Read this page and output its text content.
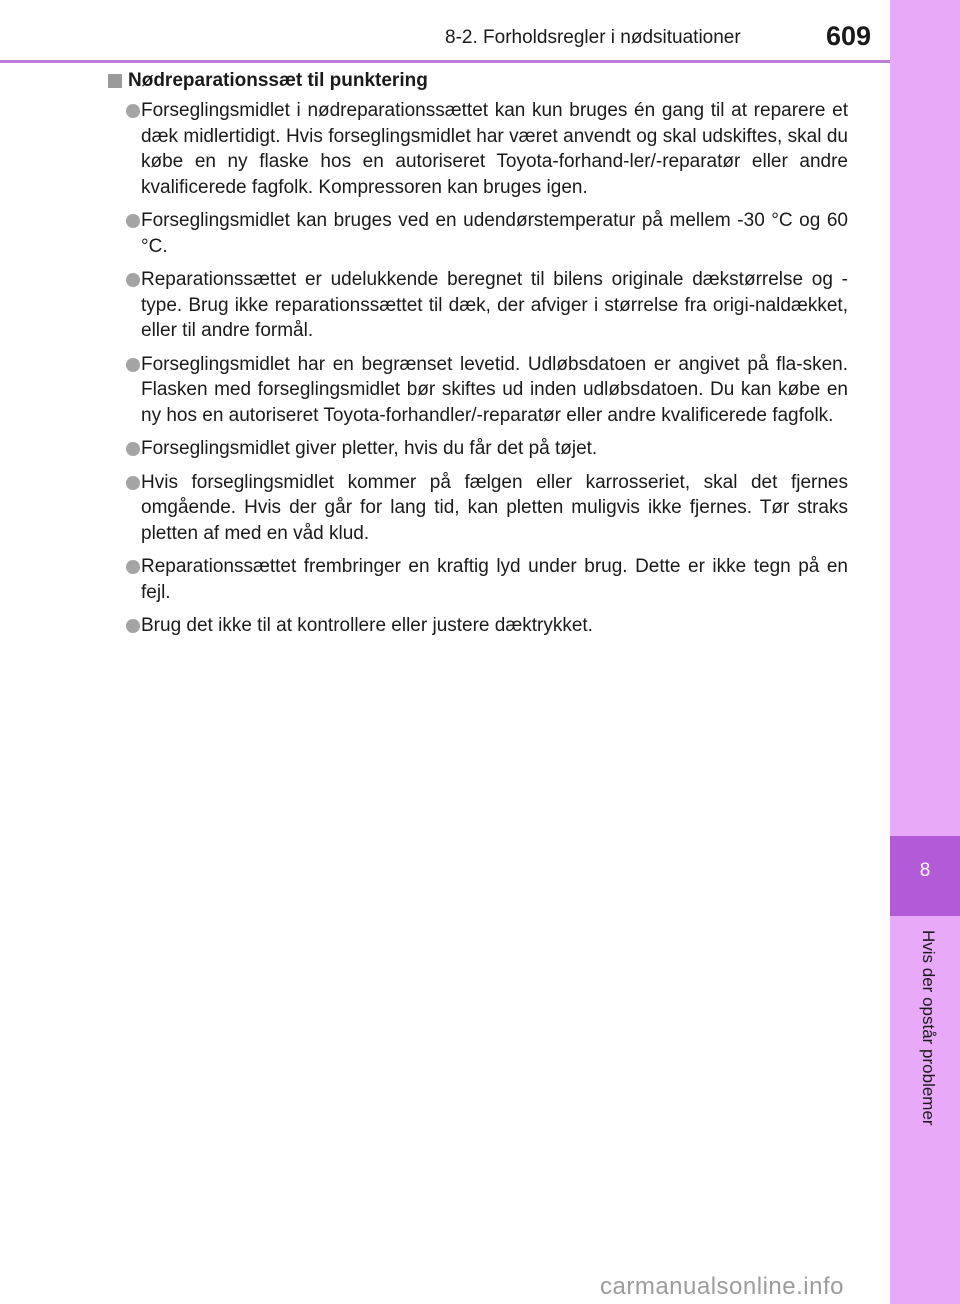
8-2. Forholdsregler i nødsituationer	609
8
Hvis der opstår problemer
Nødreparationssæt til punktering
Forseglingsmidlet i nødreparationssættet kan kun bruges én gang til at reparere et dæk midlertidigt. Hvis forseglingsmidlet har været anvendt og skal udskiftes, skal du købe en ny flaske hos en autoriseret Toyota-forhand-ler/-reparatør eller andre kvalificerede fagfolk. Kompressoren kan bruges igen.
Forseglingsmidlet kan bruges ved en udendørstemperatur på mellem -30 °C og 60 °C.
Reparationssættet er udelukkende beregnet til bilens originale dækstørrelse og -type. Brug ikke reparationssættet til dæk, der afviger i størrelse fra origi-naldækket, eller til andre formål.
Forseglingsmidlet har en begrænset levetid. Udløbsdatoen er angivet på fla-sken. Flasken med forseglingsmidlet bør skiftes ud inden udløbsdatoen. Du kan købe en ny hos en autoriseret Toyota-forhandler/-reparatør eller andre kvalificerede fagfolk.
Forseglingsmidlet giver pletter, hvis du får det på tøjet.
Hvis forseglingsmidlet kommer på fælgen eller karrosseriet, skal det fjernes omgående. Hvis der går for lang tid, kan pletten muligvis ikke fjernes. Tør straks pletten af med en våd klud.
Reparationssættet frembringer en kraftig lyd under brug. Dette er ikke tegn på en fejl.
Brug det ikke til at kontrollere eller justere dæktrykket.
carmanualsonline.info
